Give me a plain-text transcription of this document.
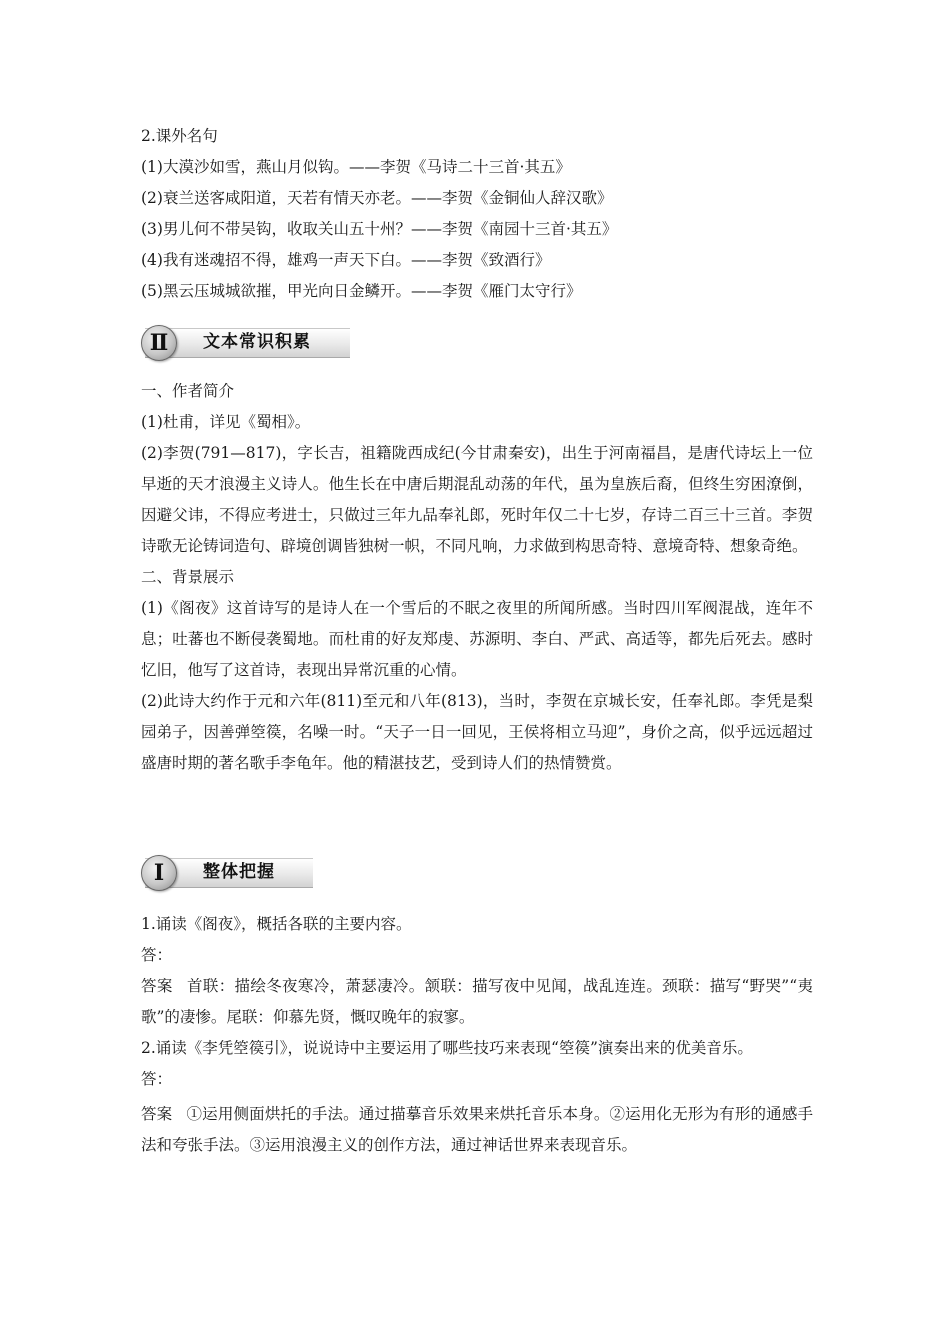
2.课外名句
(1)大漠沙如雪，燕山月似钩。——李贺《马诗二十三首·其五》
(2)衰兰送客咸阳道，天若有情天亦老。——李贺《金铜仙人辞汉歌》
(3)男儿何不带吴钩，收取关山五十州？——李贺《南园十三首·其五》
(4)我有迷魂招不得，雄鸡一声天下白。——李贺《致酒行》
(5)黑云压城城欲摧，甲光向日金鳞开。——李贺《雁门太守行》
文本常识积累
Ⅱ
一、作者简介
(1)杜甫，详见《蜀相》。
(2)李贺(791—817)，字长吉，祖籍陇西成纪(今甘肃秦安)，出生于河南福昌，是唐代诗坛上一位早逝的天才浪漫主义诗人。他生长在中唐后期混乱动荡的年代，虽为皇族后裔，但终生穷困潦倒，因避父讳，不得应考进士，只做过三年九品奉礼郎，死时年仅二十七岁，存诗二百三十三首。李贺诗歌无论铸词造句、辟境创调皆独树一帜，不同凡响，力求做到构思奇特、意境奇特、想象奇绝。
二、背景展示
(1)《阁夜》这首诗写的是诗人在一个雪后的不眠之夜里的所闻所感。当时四川军阀混战，连年不息；吐蕃也不断侵袭蜀地。而杜甫的好友郑虔、苏源明、李白、严武、高适等，都先后死去。感时忆旧，他写了这首诗，表现出异常沉重的心情。
(2)此诗大约作于元和六年(811)至元和八年(813)，当时，李贺在京城长安，任奉礼郎。李凭是梨园弟子，因善弹箜篌，名噪一时。“天子一日一回见，王侯将相立马迎”，身价之高，似乎远远超过盛唐时期的著名歌手李龟年。他的精湛技艺，受到诗人们的热情赞赏。
整体把握
Ⅰ
1.诵读《阁夜》，概括各联的主要内容。
答：
答案 首联：描绘冬夜寒冷，萧瑟凄冷。颔联：描写夜中见闻，战乱连连。颈联：描写“野哭”“夷歌”的凄惨。尾联：仰慕先贤，慨叹晚年的寂寥。
2.诵读《李凭箜篌引》，说说诗中主要运用了哪些技巧来表现“箜篌”演奏出来的优美音乐。
答：
答案 ①运用侧面烘托的手法。通过描摹音乐效果来烘托音乐本身。②运用化无形为有形的通感手法和夸张手法。③运用浪漫主义的创作方法，通过神话世界来表现音乐。
